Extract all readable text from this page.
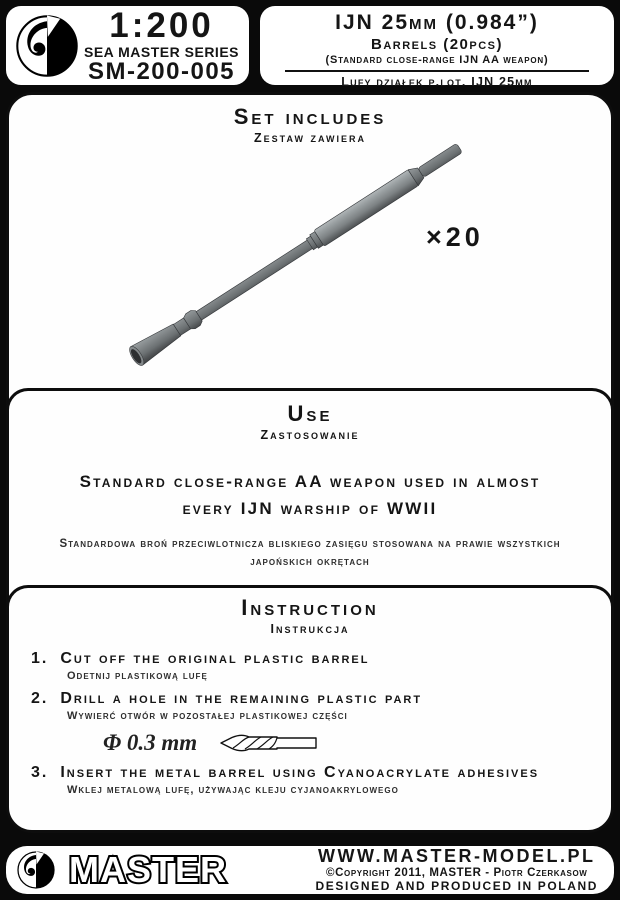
1:200
SEA MASTER SERIES
SM-200-005
IJN 25mm (0.984”)
Barrels (20pcs)
(Standard close-range IJN AA weapon)
Lufy działek p.lot. IJN 25mm
Set includes
Zestaw zawiera
×20
Use
Zastosowanie
Standard close-range AA weapon used in almost every IJN warship of WWII
Standardowa broń przeciwlotnicza bliskiego zasięgu stosowana na prawie wszystkich japońskich okrętach
Instruction
Instrukcja
1. Cut off the original plastic barrel
Odetnij plastikową lufę
2. Drill a hole in the remaining plastic part
Wywierć otwór w pozostałej plastikowej części
Φ 0.3 mm
3. Insert the metal barrel using Cyanoacrylate adhesives
Wklej metalową lufę, używając kleju cyjanoakrylowego
MASTER	WWW.MASTER-MODEL.PL
©Copyright 2011, MASTER - Piotr Czerkasow
DESIGNED AND PRODUCED IN POLAND
